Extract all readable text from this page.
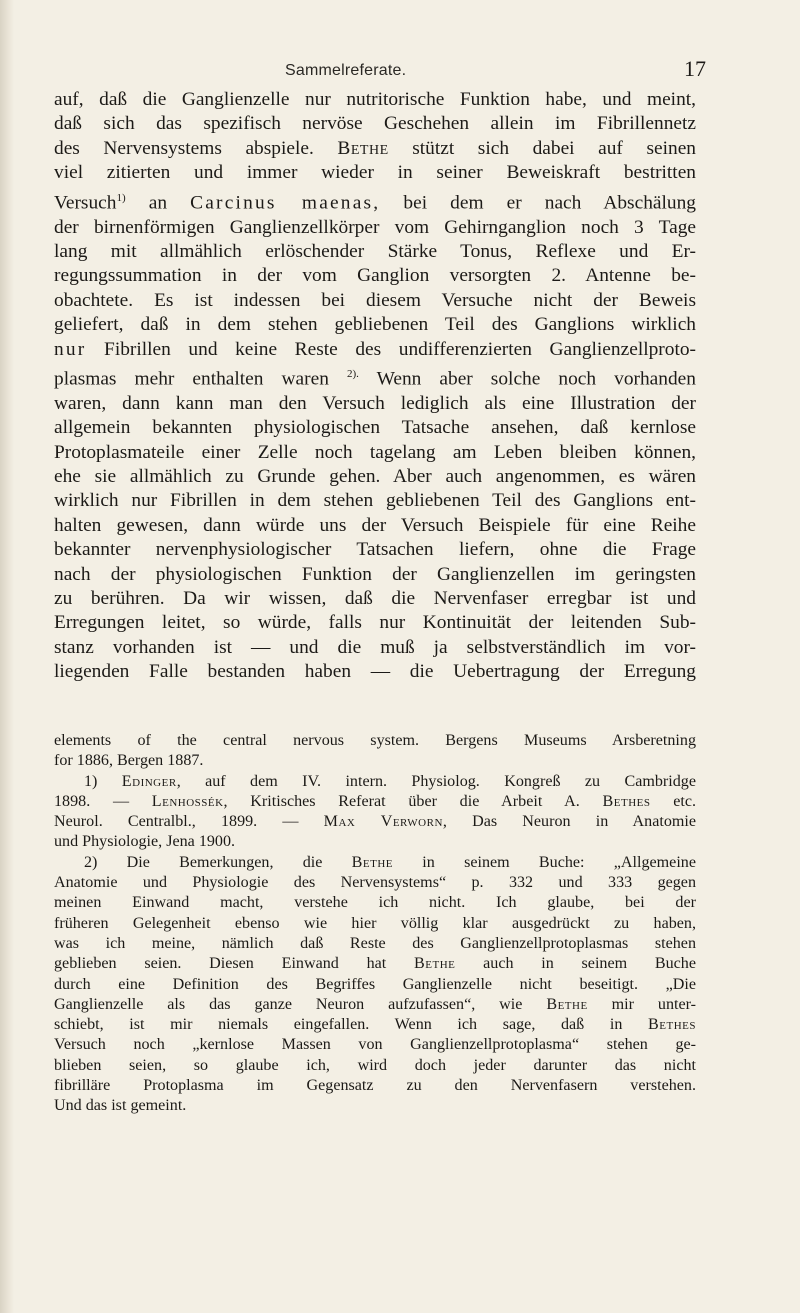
Sammelreferate.	17
auf, daß die Ganglienzelle nur nutritorische Funktion habe, und meint,
daß sich das spezifisch nervöse Geschehen allein im Fibrillennetz
des Nervensystems abspiele. Bethe stützt sich dabei auf seinen
viel zitierten und immer wieder in seiner Beweiskraft bestritten
Versuch$^{1)}$ an Carcinus maenas, bei dem er nach Abschälung
der birnenförmigen Ganglienzellkörper vom Gehirnganglion noch 3 Tage
lang mit allmählich erlöschender Stärke Tonus, Reflexe und Er-
regungssummation in der vom Ganglion versorgten 2. Antenne be-
obachtete. Es ist indessen bei diesem Versuche nicht der Beweis
geliefert, daß in dem stehen gebliebenen Teil des Ganglions wirklich
nur Fibrillen und keine Reste des undifferenzierten Ganglienzellproto-
plasmas mehr enthalten waren $^{2).}$ Wenn aber solche noch vorhanden
waren, dann kann man den Versuch lediglich als eine Illustration der
allgemein bekannten physiologischen Tatsache ansehen, daß kernlose
Protoplasmateile einer Zelle noch tagelang am Leben bleiben können,
ehe sie allmählich zu Grunde gehen. Aber auch angenommen, es wären
wirklich nur Fibrillen in dem stehen gebliebenen Teil des Ganglions ent-
halten gewesen, dann würde uns der Versuch Beispiele für eine Reihe
bekannter nervenphysiologischer Tatsachen liefern, ohne die Frage
nach der physiologischen Funktion der Ganglienzellen im geringsten
zu berühren. Da wir wissen, daß die Nervenfaser erregbar ist und
Erregungen leitet, so würde, falls nur Kontinuität der leitenden Sub-
stanz vorhanden ist — und die muß ja selbstverständlich im vor-
liegenden Falle bestanden haben — die Uebertragung der Erregung
elements of the central nervous system. Bergens Museums Arsberetning
for 1886, Bergen 1887.
1) Edinger, auf dem IV. intern. Physiolog. Kongreß zu Cambridge
1898. — Lenhossék, Kritisches Referat über die Arbeit A. Bethes etc.
Neurol. Centralbl., 1899. — Max Verworn, Das Neuron in Anatomie
und Physiologie, Jena 1900.
2) Die Bemerkungen, die Bethe in seinem Buche: „Allgemeine
Anatomie und Physiologie des Nervensystems“ p. 332 und 333 gegen
meinen Einwand macht, verstehe ich nicht. Ich glaube, bei der
früheren Gelegenheit ebenso wie hier völlig klar ausgedrückt zu haben,
was ich meine, nämlich daß Reste des Ganglienzellprotoplasmas stehen
geblieben seien. Diesen Einwand hat Bethe auch in seinem Buche
durch eine Definition des Begriffes Ganglienzelle nicht beseitigt. „Die
Ganglienzelle als das ganze Neuron aufzufassen“, wie Bethe mir unter-
schiebt, ist mir niemals eingefallen. Wenn ich sage, daß in Bethes
Versuch noch „kernlose Massen von Ganglienzellprotoplasma“ stehen ge-
blieben seien, so glaube ich, wird doch jeder darunter das nicht
fibrilläre Protoplasma im Gegensatz zu den Nervenfasern verstehen.
Und das ist gemeint.
